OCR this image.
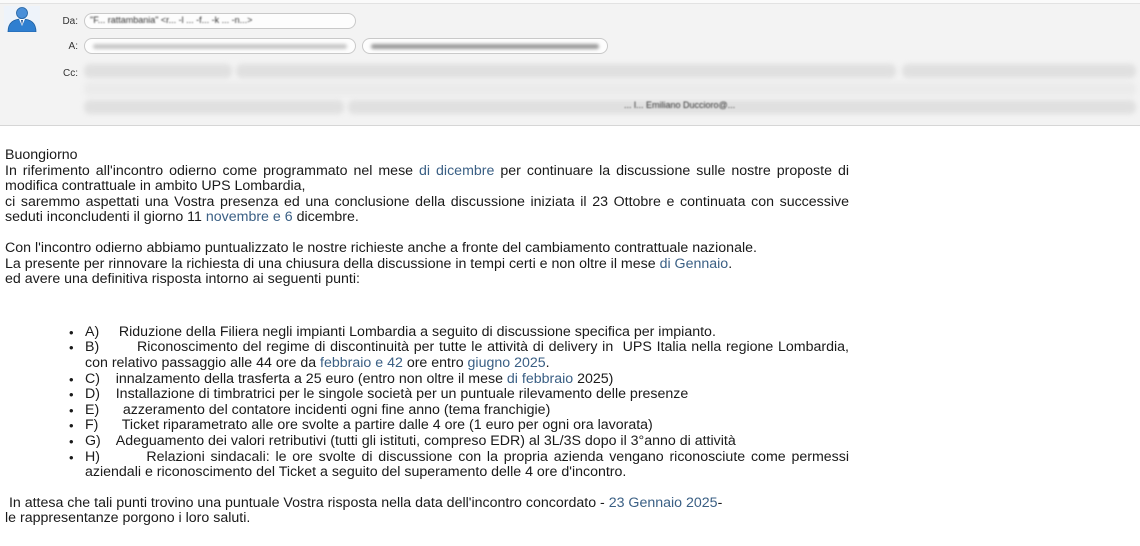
Da: "F... rattambania" <r... -l ... -f... -k ... -n...>
A:
Cc:
... l... Emiliano Duccioro@...

Buongiorno

In riferimento all'incontro odierno come programmato nel mese di dicembre per continuare la discussione sulle nostre proposte di modifica contrattuale in ambito UPS Lombardia,

ci saremmo aspettati una Vostra presenza ed una conclusione della discussione iniziata il 23 Ottobre e continuata con successive seduti inconcludenti il giorno 11 novembre e 6 dicembre.

Con l'incontro odierno abbiamo puntualizzato le nostre richieste anche a fronte del cambiamento contrattuale nazionale.

La presente per rinnovare la richiesta di una chiusura della discussione in tempi certi e non oltre il mese di Gennaio.

ed avere una definitiva risposta intorno ai seguenti punti:

• A)     Riduzione della Filiera negli impianti Lombardia a seguito di discussione specifica per impianto.
• B)        Riconoscimento del regime di discontinuità per tutte le attività di delivery in  UPS Italia nella regione Lombardia, con relativo passaggio alle 44 ore da febbraio e 42 ore entro giugno 2025.
• C)    innalzamento della trasferta a 25 euro (entro non oltre il mese di febbraio 2025)
• D)    Installazione di timbratrici per le singole società per un puntuale rilevamento delle presenze
• E)      azzeramento del contatore incidenti ogni fine anno (tema franchigie)
• F)      Ticket riparametrato alle ore svolte a partire dalle 4 ore (1 euro per ogni ora lavorata)
• G)    Adeguamento dei valori retributivi (tutti gli istituti, compreso EDR) al 3L/3S dopo il 3°anno di attività
• H)        Relazioni sindacali: le ore svolte di discussione con la propria azienda vengano riconosciute come permessi aziendali e riconoscimento del Ticket a seguito del superamento delle 4 ore d'incontro.

In attesa che tali punti trovino una puntuale Vostra risposta nella data dell'incontro concordato - 23 Gennaio 2025-

le rappresentanze porgono i loro saluti.
